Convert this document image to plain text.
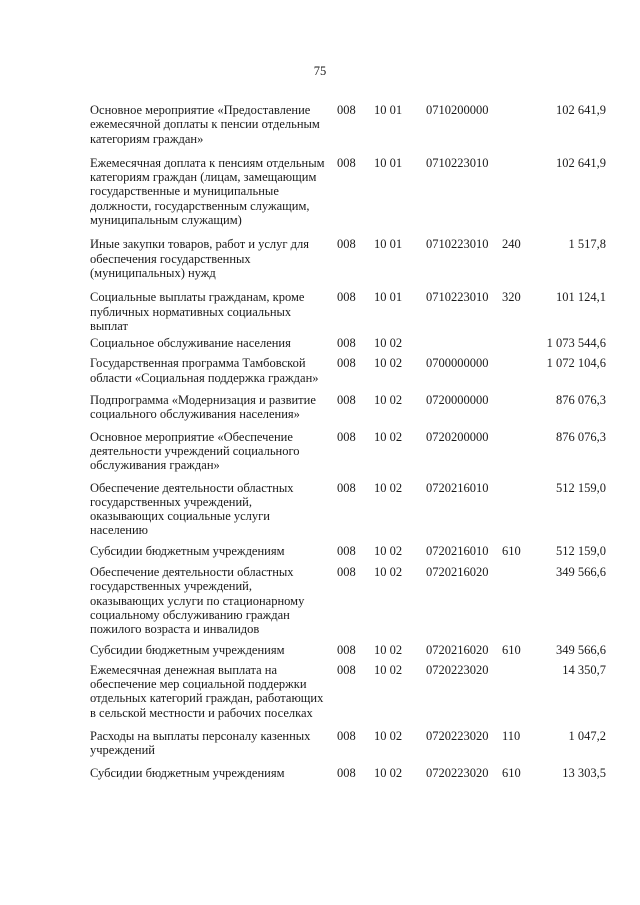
75
Основное мероприятие «Предоставление ежемесячной доплаты к пенсии отдельным категориям граждан»
008 10 01 0710200000	102 641,9
Ежемесячная доплата к пенсиям отдельным категориям граждан (лицам, замещающим государственные и муниципальные должности, государственным служащим, муниципальным служащим)
008 10 01 0710223010	102 641,9
Иные закупки товаров, работ и услуг для обеспечения государственных (муниципальных) нужд
008 10 01 0710223010 240	1 517,8
Социальные выплаты гражданам, кроме публичных нормативных социальных выплат
008 10 01 0710223010 320	101 124,1
Социальное обслуживание населения	008 10 02	1 073 544,6
Государственная программа Тамбовской области «Социальная поддержка граждан»
008 10 02 0700000000	1 072 104,6
Подпрограмма «Модернизация и развитие социального обслуживания населения»
008 10 02 0720000000	876 076,3
Основное мероприятие «Обеспечение деятельности учреждений социального обслуживания граждан»
008 10 02 0720200000	876 076,3
Обеспечение деятельности областных государственных учреждений, оказывающих социальные услуги населению
008 10 02 0720216010	512 159,0
Субсидии бюджетным учреждениям	008 10 02 0720216010 610	512 159,0
Обеспечение деятельности областных государственных учреждений, оказывающих услуги по стационарному социальному обслуживанию граждан пожилого возраста и инвалидов
008 10 02 0720216020	349 566,6
Субсидии бюджетным учреждениям	008 10 02 0720216020 610	349 566,6
Ежемесячная денежная выплата на обеспечение мер социальной поддержки отдельных категорий граждан, работающих в сельской местности и рабочих поселках
008 10 02 0720223020	14 350,7
Расходы на выплаты персоналу казенных учреждений
008 10 02 0720223020 110	1 047,2
Субсидии бюджетным учреждениям	008 10 02 0720223020 610	13 303,5
